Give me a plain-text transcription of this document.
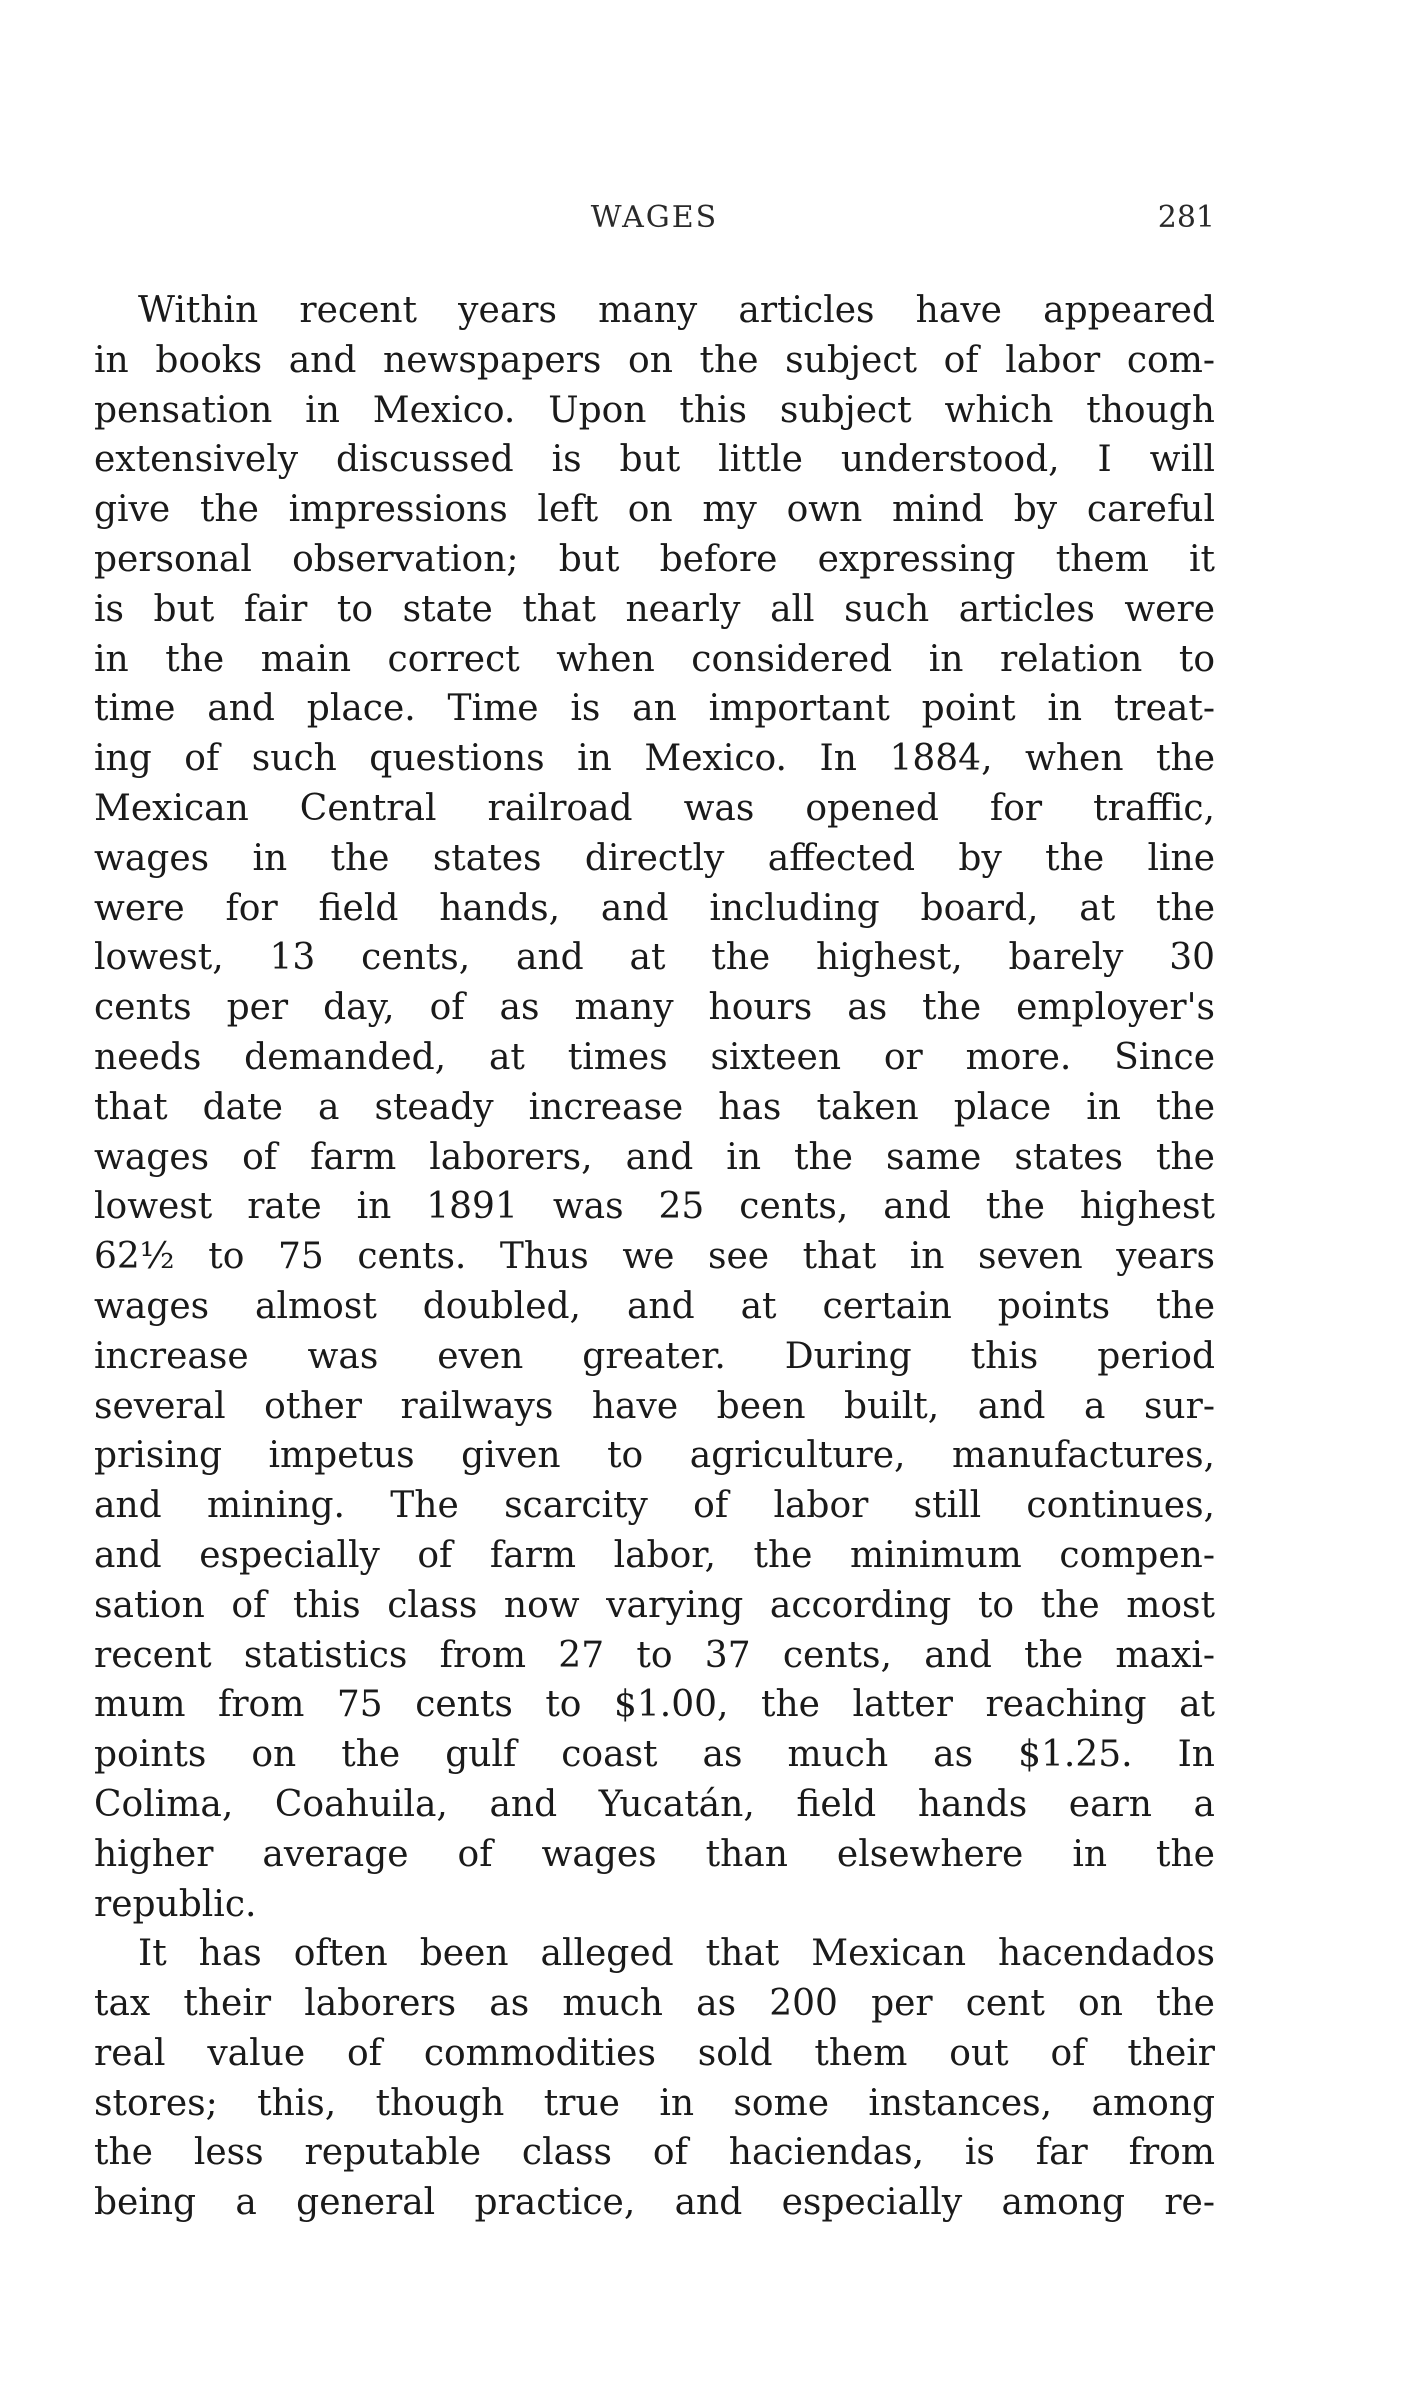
WAGES	281
Within recent years many articles have appeared
in books and newspapers on the subject of labor com-
pensation in Mexico. Upon this subject which though
extensively discussed is but little understood, I will
give the impressions left on my own mind by careful
personal observation; but before expressing them it
is but fair to state that nearly all such articles were
in the main correct when considered in relation to
time and place. Time is an important point in treat-
ing of such questions in Mexico. In 1884, when the
Mexican Central railroad was opened for traffic,
wages in the states directly affected by the line
were for field hands, and including board, at the
lowest, 13 cents, and at the highest, barely 30
cents per day, of as many hours as the employer's
needs demanded, at times sixteen or more. Since
that date a steady increase has taken place in the
wages of farm laborers, and in the same states the
lowest rate in 1891 was 25 cents, and the highest
62½ to 75 cents. Thus we see that in seven years
wages almost doubled, and at certain points the
increase was even greater. During this period
several other railways have been built, and a sur-
prising impetus given to agriculture, manufactures,
and mining. The scarcity of labor still continues,
and especially of farm labor, the minimum compen-
sation of this class now varying according to the most
recent statistics from 27 to 37 cents, and the maxi-
mum from 75 cents to $1.00, the latter reaching at
points on the gulf coast as much as $1.25. In
Colima, Coahuila, and Yucatán, field hands earn a
higher average of wages than elsewhere in the
republic.
It has often been alleged that Mexican hacendados
tax their laborers as much as 200 per cent on the
real value of commodities sold them out of their
stores; this, though true in some instances, among
the less reputable class of haciendas, is far from
being a general practice, and especially among re-
